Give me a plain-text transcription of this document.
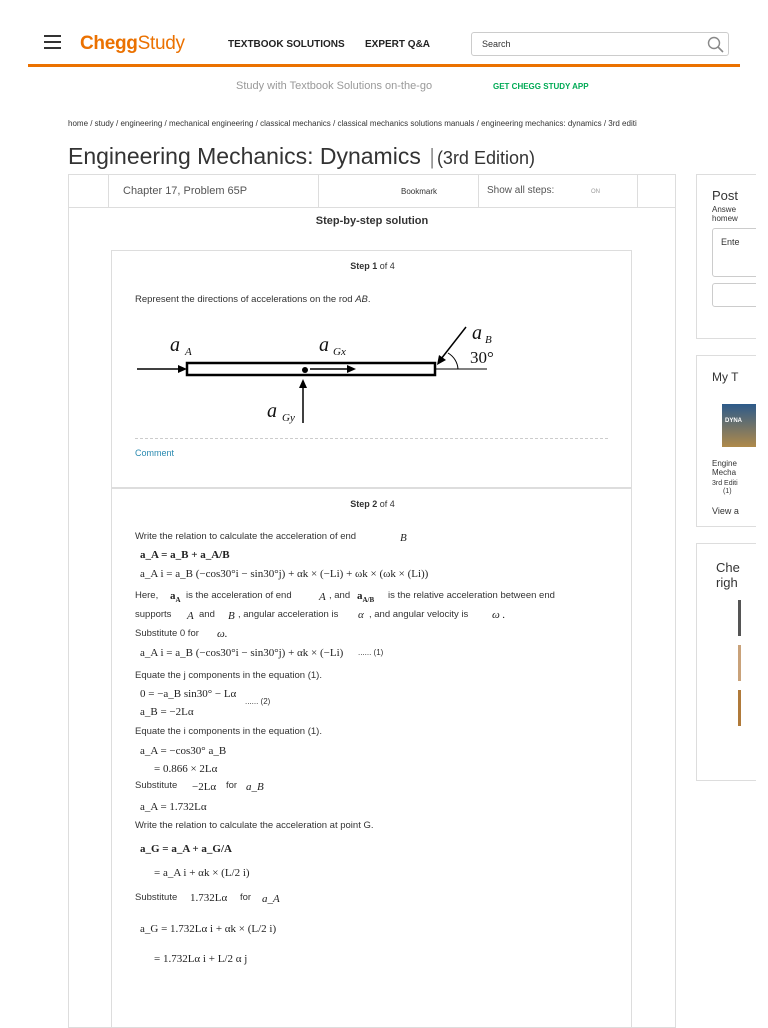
CheggStudy	TEXTBOOK SOLUTIONS EXPERT Q&A
Search
Study with Textbook Solutions on-the-go	GET CHEGG STUDY APP
home / study / engineering / mechanical engineering / classical mechanics / classical mechanics solutions manuals / engineering mechanics: dynamics / 3rd editi
Engineering Mechanics: Dynamics | (3rd Edition)
Chapter 17, Problem 65P	Bookmark	Show all steps:	ON
Step-by-step solution
Step 1 of 4
Represent the directions of accelerations on the rod AB.
a A	a Gx
a B
30°
a Gy
Comment
Step 2 of 4
Write the relation to calculate the acceleration of end	B
a_A = a_B + a_A/B
a_A i = a_B (−cos30°i − sin30°j) + αk × (−Li) + ωk × (ωk × (Li))
Here, $a_A$ is the acceleration of end A , and $a_{A/B}$ is the relative acceleration between end
supports A and B , angular acceleration is α , and angular velocity is ω .
Substitute 0 for ω.
a_A i = a_B (−cos30°i − sin30°j) + αk × (−Li) ...... (1)
Equate the j components in the equation (1).
0 = −a_B sin30° − Lα
...... (2)
a_B = −2Lα
Equate the i components in the equation (1).
a_A = −cos30° a_B
= 0.866 × 2Lα
Substitute −2Lα for a_B
a_A = 1.732Lα
Write the relation to calculate the acceleration at point G.
a_G = a_A + a_G/A
= a_A i + αk × (L/2 i)
Substitute 1.732Lα for a_A
a_G = 1.732Lα i + αk × (L/2 i)
= 1.732Lα i + L/2 α j
Post
Answe
homew
Ente
My T
DYNA
Engine
Mecha
3rd Editi
(1)
View a
Che
righ
